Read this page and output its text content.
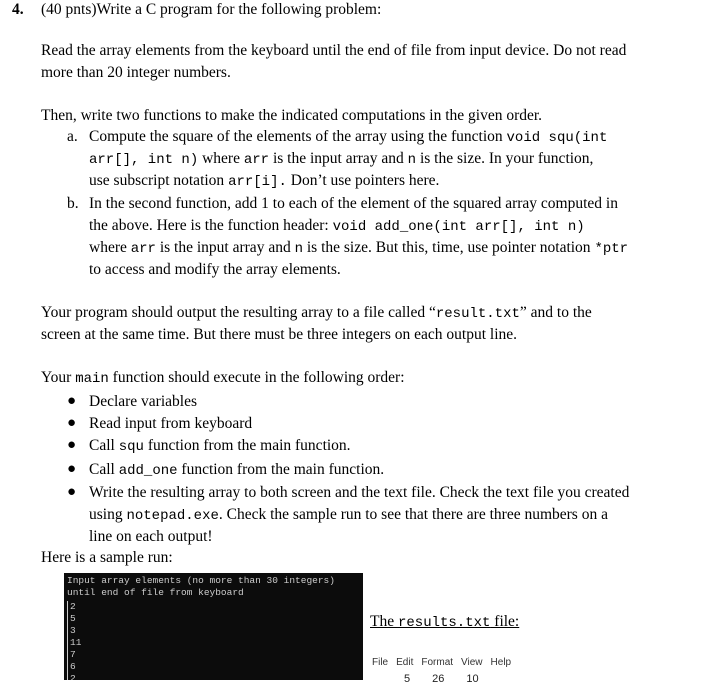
4. (40 pnts)Write a C program for the following problem:
Read the array elements from the keyboard until the end of file from input device. Do not read
more than 20 integer numbers.
Then, write two functions to make the indicated computations in the given order.
a. Compute the square of the elements of the array using the function void squ(int
arr[], int n) where arr is the input array and n is the size. In your function,
use subscript notation arr[i]. Don’t use pointers here.
b. In the second function, add 1 to each of the element of the squared array computed in
the above. Here is the function header: void add_one(int arr[], int n)
where arr is the input array and n is the size. But this, time, use pointer notation *ptr
to access and modify the array elements.
Your program should output the resulting array to a file called “result.txt” and to the
screen at the same time. But there must be three integers on each output line.
Your main function should execute in the following order:
● Declare variables
● Read input from keyboard
● Call squ function from the main function.
● Call add_one function from the main function.
● Write the resulting array to both screen and the text file. Check the text file you created
using notepad.exe. Check the sample run to see that there are three numbers on a
line on each output!
Here is a sample run:
Input array elements (no more than 30 integers)
until end of file from keyboard
2
5
3
11
7
6
2
The results.txt file:
File Edit Format View Help
5 26 10
